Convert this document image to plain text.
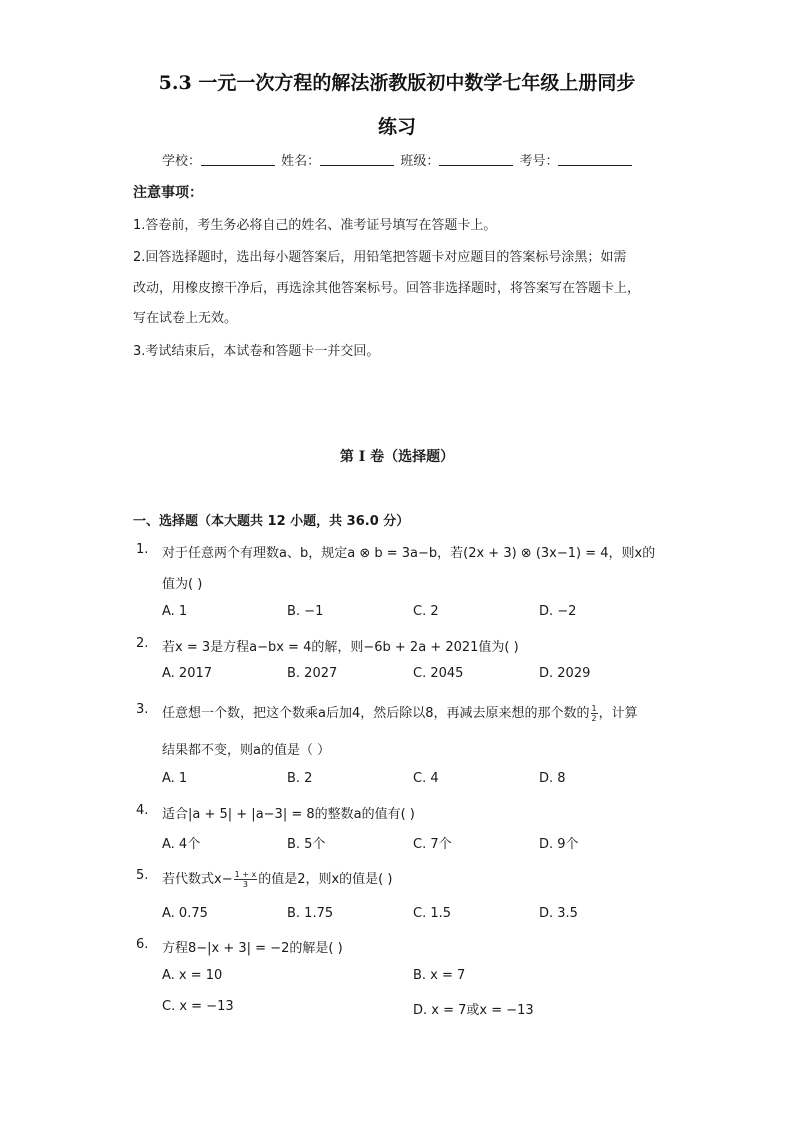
5.3 一元一次方程的解法浙教版初中数学七年级上册同步
练习
学校：	姓名：	班级：	考号：
注意事项：
1.答卷前，考生务必将自己的姓名、准考证号填写在答题卡上。
2.回答选择题时，选出每小题答案后，用铅笔把答题卡对应题目的答案标号涂黑；如需
改动，用橡皮擦干净后，再选涂其他答案标号。回答非选择题时，将答案写在答题卡上，
写在试卷上无效。
3.考试结束后，本试卷和答题卡一并交回。
第 I 卷（选择题）
一、选择题（本大题共 12 小题，共 36.0 分）
1. 对于任意两个有理数a、b，规定a ⊗ b = 3a−b，若(2x + 3) ⊗ (3x−1) = 4，则x的
值为( )
A. 1	B. −1	C. 2	D. −2
2. 若x = 3是方程a−bx = 4的解，则−6b + 2a + 2021值为( )
A. 2017	B. 2027	C. 2045	D. 2029
3. 任意想一个数，把这个数乘a后加4，然后除以8，再减去原来想的那个数的 $\frac{1}{2}$ ，计算
结果都不变，则a的值是（ ）
A. 1	B. 2	C. 4	D. 8
4. 适合|a + 5| + |a−3| = 8的整数a的值有( )
A. 4个	B. 5个	C. 7个	D. 9个
5. 若代数式$x- \frac{1 + x}{3}$ 的值是2，则x的值是( )
A. 0.75	B. 1.75	C. 1.5	D. 3.5
6. 方程8−|x + 3| = −2的解是( )
A. x = 10	B. x = 7
C. x = −13	D. x = 7或x = −13
